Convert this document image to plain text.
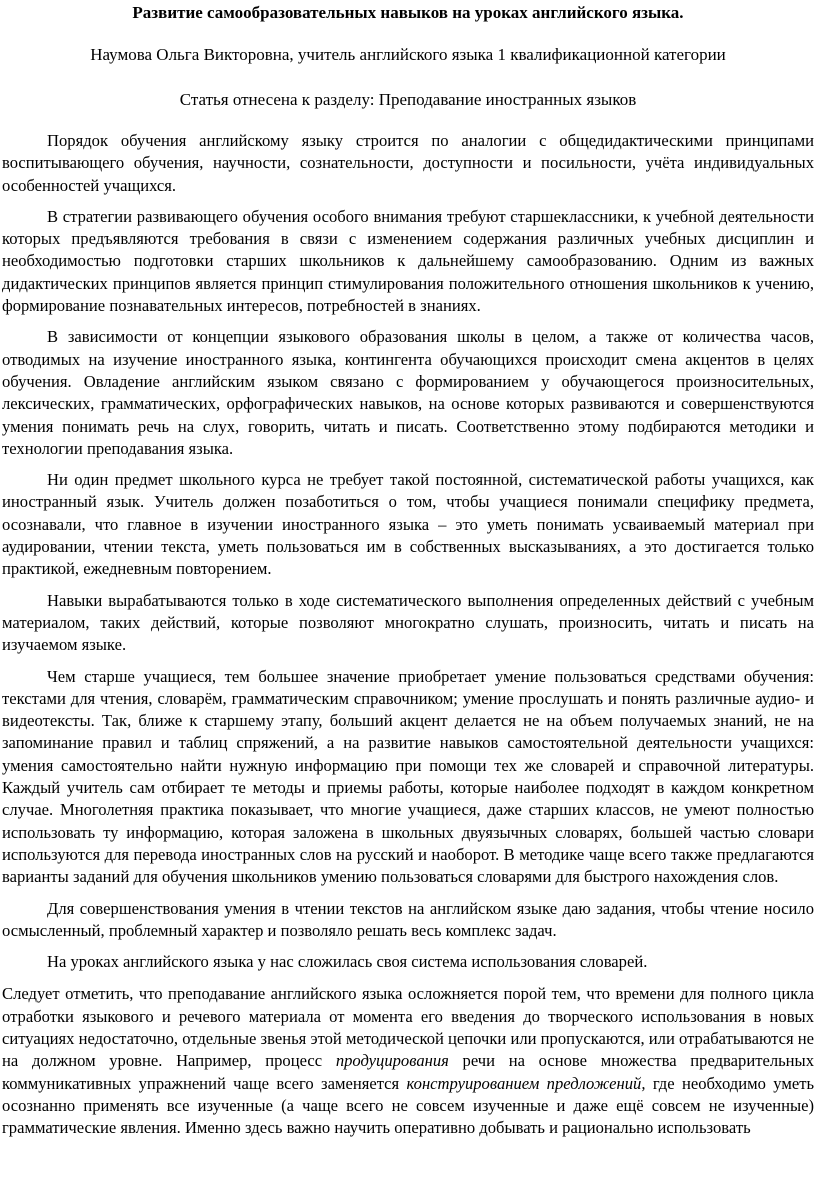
Развитие самообразовательных навыков на уроках английского языка.

Наумова Ольга Викторовна, учитель английского языка 1 квалификационной категории

Статья отнесена к разделу: Преподавание иностранных языков

Порядок обучения английскому языку строится по аналогии с общедидактическими принципами воспитывающего обучения, научности, сознательности, доступности и посильности, учёта индивидуальных особенностей учащихся.

В стратегии развивающего обучения особого внимания требуют старшеклассники, к учебной деятельности которых предъявляются требования в связи с изменением содержания различных учебных дисциплин и необходимостью подготовки старших школьников к дальнейшему самообразованию. Одним из важных дидактических принципов является принцип стимулирования положительного отношения школьников к учению, формирование познавательных интересов, потребностей в знаниях.

В зависимости от концепции языкового образования школы в целом, а также от количества часов, отводимых на изучение иностранного языка, контингента обучающихся происходит смена акцентов в целях обучения. Овладение английским языком связано с формированием у обучающегося произносительных, лексических, грамматических, орфографических навыков, на основе которых развиваются и совершенствуются умения понимать речь на слух, говорить, читать и писать. Соответственно этому подбираются методики и технологии преподавания языка.

Ни один предмет школьного курса не требует такой постоянной, систематической работы учащихся, как иностранный язык. Учитель должен позаботиться о том, чтобы учащиеся понимали специфику предмета, осознавали, что главное в изучении иностранного языка – это уметь понимать усваиваемый материал при аудировании, чтении текста, уметь пользоваться им в собственных высказываниях, а это достигается только практикой, ежедневным повторением.

Навыки вырабатываются только в ходе систематического выполнения определенных действий с учебным материалом, таких действий, которые позволяют многократно слушать, произносить, читать и писать на изучаемом языке.

Чем старше учащиеся, тем большее значение приобретает умение пользоваться средствами обучения: текстами для чтения, словарём, грамматическим справочником; умение прослушать и понять различные аудио- и видеотексты. Так, ближе к старшему этапу, больший акцент делается не на объем получаемых знаний, не на запоминание правил и таблиц спряжений, а на развитие навыков самостоятельной деятельности учащихся: умения самостоятельно найти нужную информацию при помощи тех же словарей и справочной литературы. Каждый учитель сам отбирает те методы и приемы работы, которые наиболее подходят в каждом конкретном случае. Многолетняя практика показывает, что многие учащиеся, даже старших классов, не умеют полностью использовать ту информацию, которая заложена в школьных двуязычных словарях, большей частью словари используются для перевода иностранных слов на русский и наоборот. В методике чаще всего также предлагаются варианты заданий для обучения школьников умению пользоваться словарями для быстрого нахождения слов.

Для совершенствования умения в чтении текстов на английском языке даю задания, чтобы чтение носило осмысленный, проблемный характер и позволяло решать весь комплекс задач.

На уроках английского языка у нас сложилась своя система использования словарей.

Следует отметить, что преподавание английского языка осложняется порой тем, что времени для полного цикла отработки языкового и речевого материала от момента его введения до творческого использования в новых ситуациях недостаточно, отдельные звенья этой методической цепочки или пропускаются, или отрабатываются не на должном уровне. Например, процесс продуцирования речи на основе множества предварительных коммуникативных упражнений чаще всего заменяется конструированием предложений, где необходимо уметь осознанно применять все изученные (а чаще всего не совсем изученные и даже ещё совсем не изученные) грамматические явления. Именно здесь важно научить оперативно добывать и рационально использовать
